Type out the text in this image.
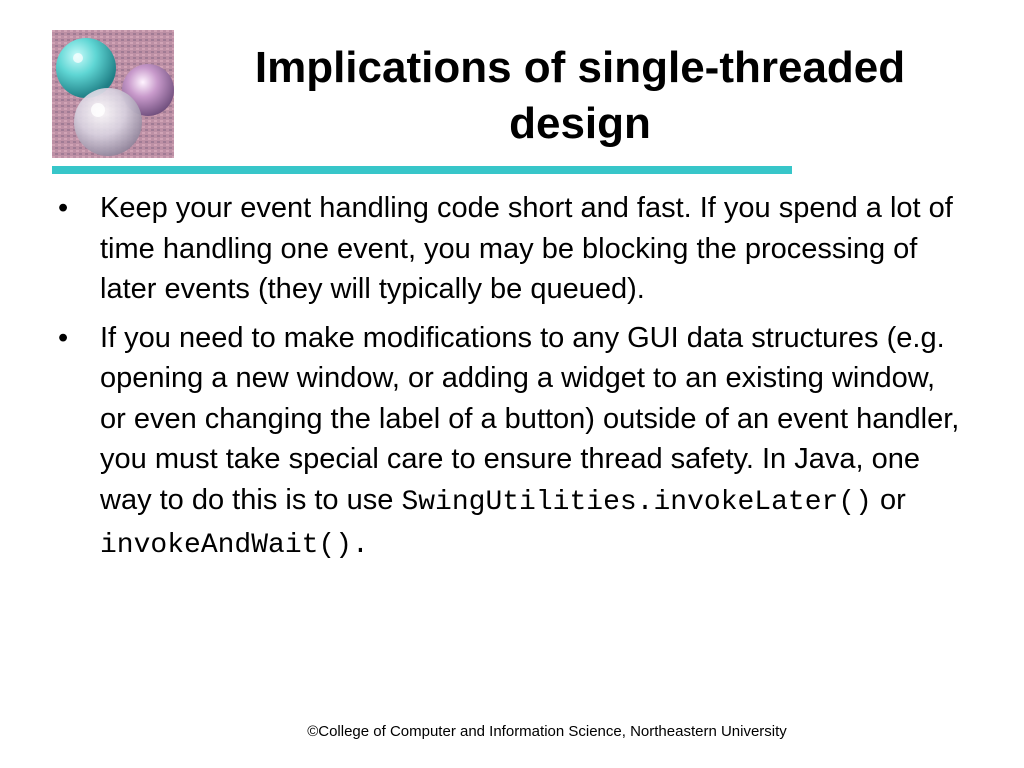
Implications of single-threaded
design
•	Keep your event handling code short and fast. If you spend a lot of time handling one event, you may be blocking the processing of later events (they will typically be queued).
•	If you need to make modifications to any GUI data structures (e.g. opening a new window, or adding a widget to an existing window, or even changing the label of a button) outside of an event handler, you must take special care to ensure thread safety. In Java, one way to do this is to use SwingUtilities.invokeLater() or invokeAndWait().
©College of Computer and Information Science, Northeastern University
